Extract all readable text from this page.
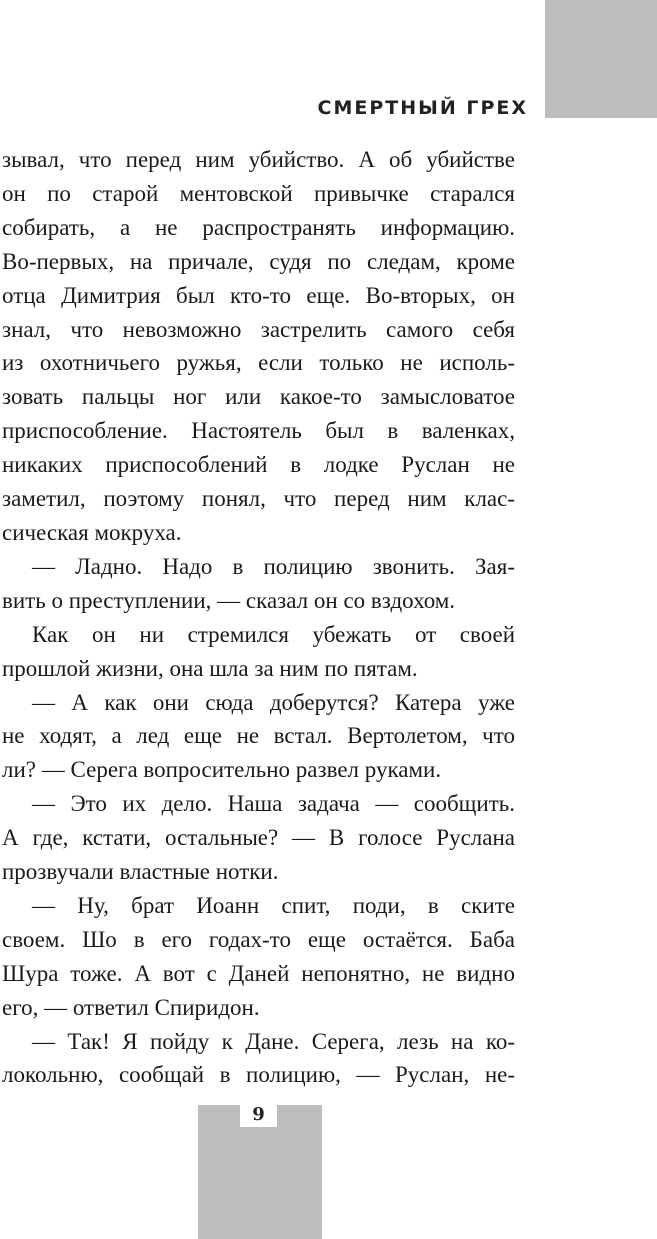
СМЕРТНЫЙ ГРЕХ
зывал, что перед ним убийство. А об убийстве
он по старой ментовской привычке старался
собирать, а не распространять информацию.
Во-первых, на причале, судя по следам, кроме
отца Димитрия был кто-то еще. Во-вторых, он
знал, что невозможно застрелить самого себя
из охотничьего ружья, если только не исполь-
зовать пальцы ног или какое-то замысловатое
приспособление. Настоятель был в валенках,
никаких приспособлений в лодке Руслан не
заметил, поэтому понял, что перед ним клас-
сическая мокруха.
— Ладно. Надо в полицию звонить. Зая-
вить о преступлении, — сказал он со вздохом.
Как он ни стремился убежать от своей
прошлой жизни, она шла за ним по пятам.
— А как они сюда доберутся? Катера уже
не ходят, а лед еще не встал. Вертолетом, что
ли? — Серега вопросительно развел руками.
— Это их дело. Наша задача — сообщить.
А где, кстати, остальные? — В голосе Руслана
прозвучали властные нотки.
— Ну, брат Иоанн спит, поди, в ските
своем. Шо в его годах-то еще остаётся. Баба
Шура тоже. А вот с Даней непонятно, не видно
его, — ответил Спиридон.
— Так! Я пойду к Дане. Серега, лезь на ко-
локольню, сообщай в полицию, — Руслан, не-
9
